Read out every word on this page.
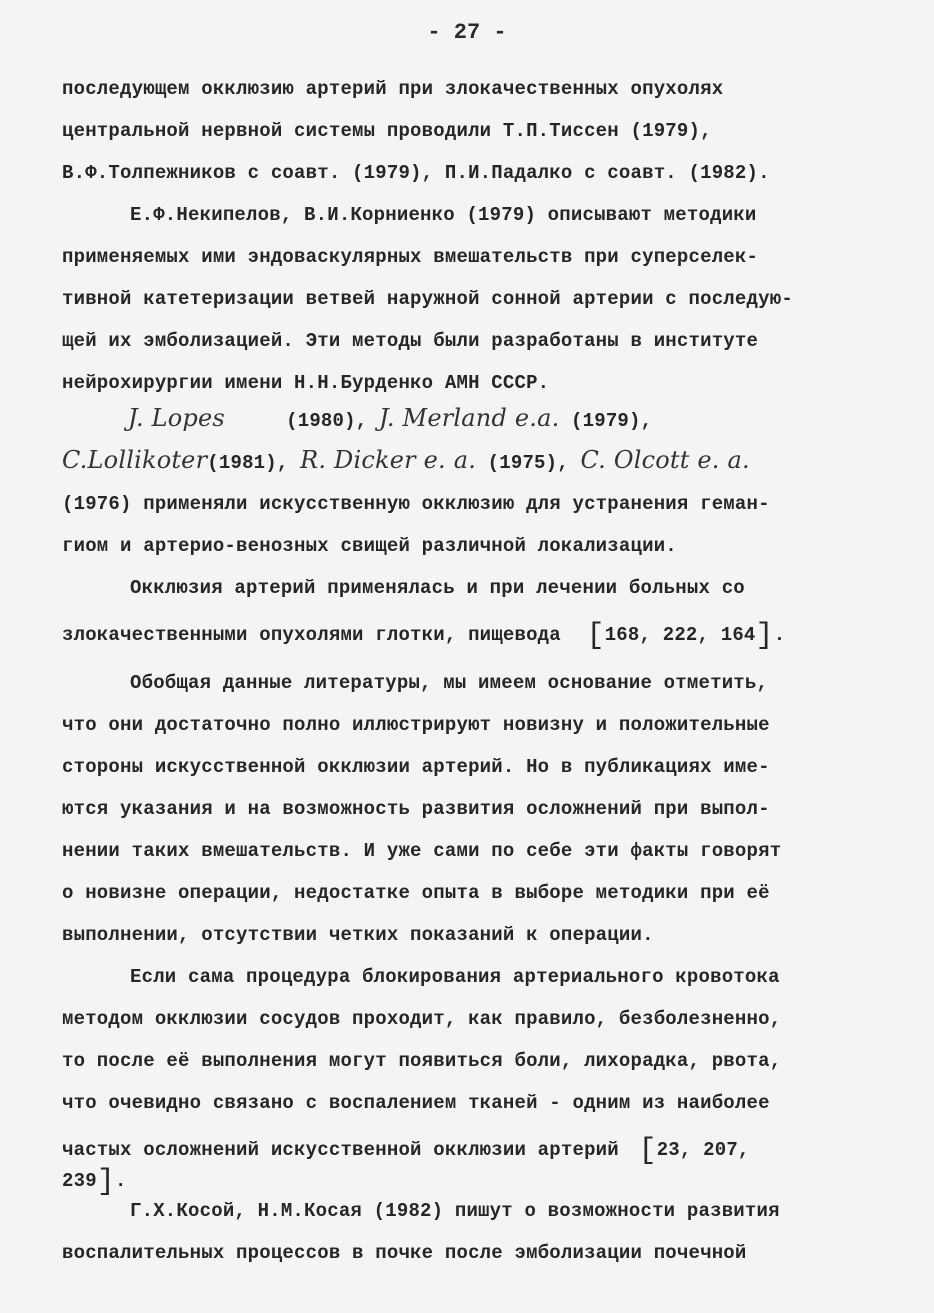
- 27 -
последующем окклюзию артерий при злокачественных опухолях
центральной нервной системы проводили Т.П.Тиссен (1979),
В.Ф.Толпежников с соавт. (1979), П.И.Падалко с соавт. (1982).
Е.Ф.Некипелов, В.И.Корниенко (1979) описывают методики
применяемых ими эндоваскулярных вмешательств при суперселек-
тивной катетеризации ветвей наружной сонной артерии с последую-
щей их эмболизацией. Эти методы были разработаны в институте
нейрохирургии имени Н.Н.Бурденко АМН СССР.
J. Lopes	(1980), J. Merland e.a. (1979),
C.Lollikoter(1981), R. Dicker e. a. (1975), C. Olcott e. a.
(1976) применяли искусственную окклюзию для устранения геман-
гиом и артерио-венозных свищей различной локализации.
Окклюзия артерий применялась и при лечении больных со
злокачественными опухолями глотки, пищевода [168, 222, 164].
Обобщая данные литературы, мы имеем основание отметить,
что они достаточно полно иллюстрируют новизну и положительные
стороны искусственной окклюзии артерий. Но в публикациях име-
ются указания и на возможность развития осложнений при выпол-
нении таких вмешательств. И уже сами по себе эти факты говорят
о новизне операции, недостатке опыта в выборе методики при её
выполнении, отсутствии четких показаний к операции.
Если сама процедура блокирования артериального кровотока
методом окклюзии сосудов проходит, как правило, безболезненно,
то после её выполнения могут появиться боли, лихорадка, рвота,
что очевидно связано с воспалением тканей - одним из наиболее
частых осложнений искусственной окклюзии артерий [23, 207,
239].
Г.Х.Косой, Н.М.Косая (1982) пишут о возможности развития
воспалительных процессов в почке после эмболизации почечной
